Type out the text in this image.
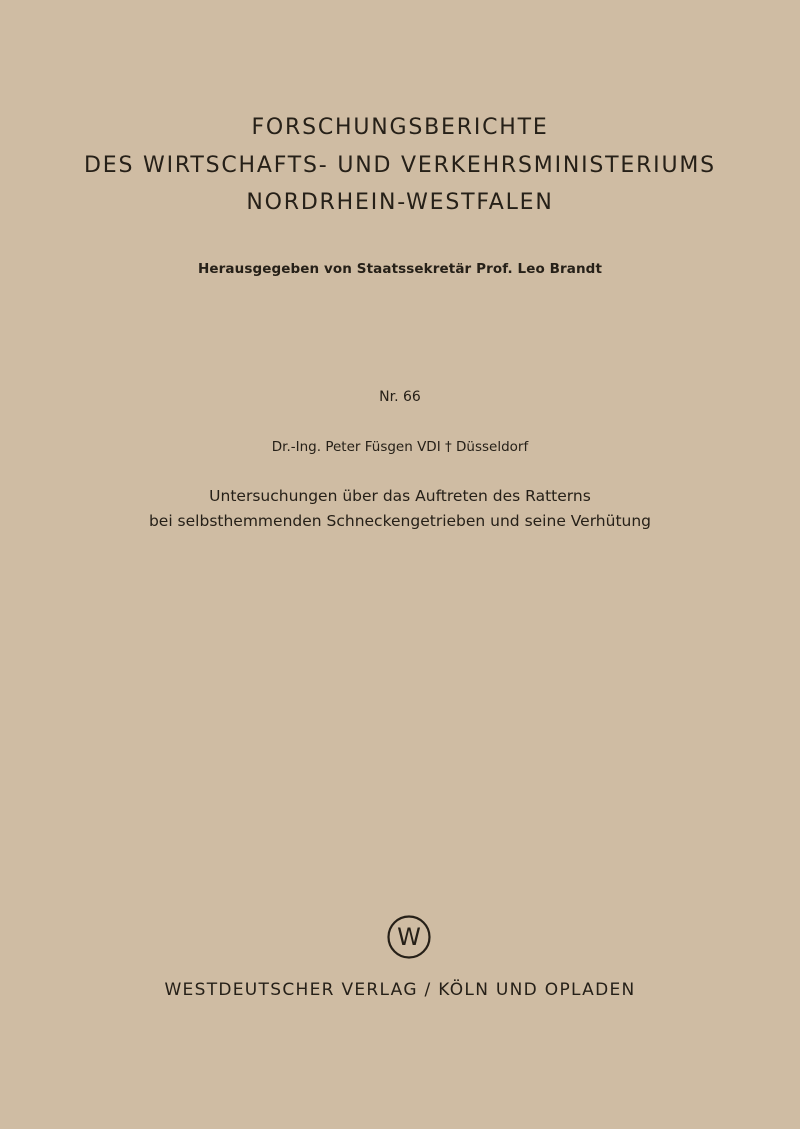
FORSCHUNGSBERICHTE
DES WIRTSCHAFTS- UND VERKEHRSMINISTERIUMS
NORDRHEIN-WESTFALEN
Herausgegeben von Staatssekretär Prof. Leo Brandt
Nr. 66
Dr.-Ing. Peter Füsgen VDI † Düsseldorf
Untersuchungen über das Auftreten des Ratterns
bei selbsthemmenden Schneckengetrieben und seine Verhütung
W
WESTDEUTSCHER VERLAG / KÖLN UND OPLADEN
